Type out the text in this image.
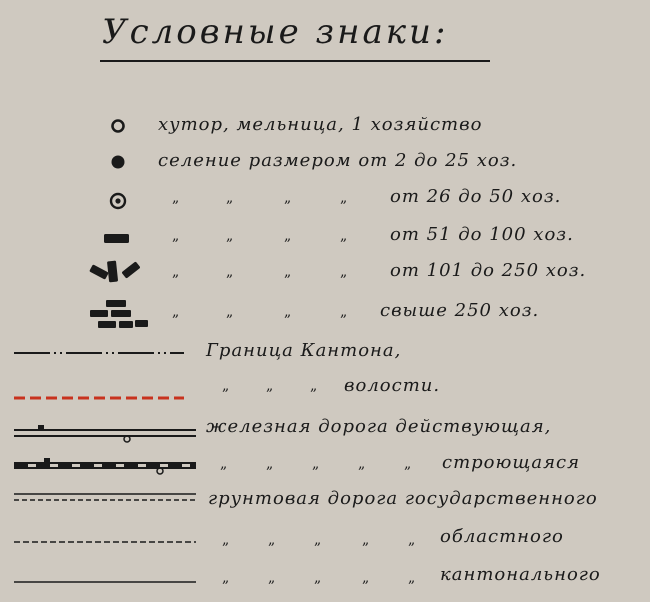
Условные знаки:
хутор, мельница, 1 хозяйство
селение размером от 2 до 25 хоз.
„	„	„	„ от 26 до 50 хоз.
„	„	„	„ от 51 до 100 хоз.
„	„	„	„ от 101 до 250 хоз.
„	„	„	„ свыше 250 хоз.
Граница Кантона,
„	„	„ волости.
железная дорога действующая,
„	„	„	„	„ строющаяся
грунтовая дорога государственного
„	„	„	„	„ областного
„	„	„	„	„ кантонального
